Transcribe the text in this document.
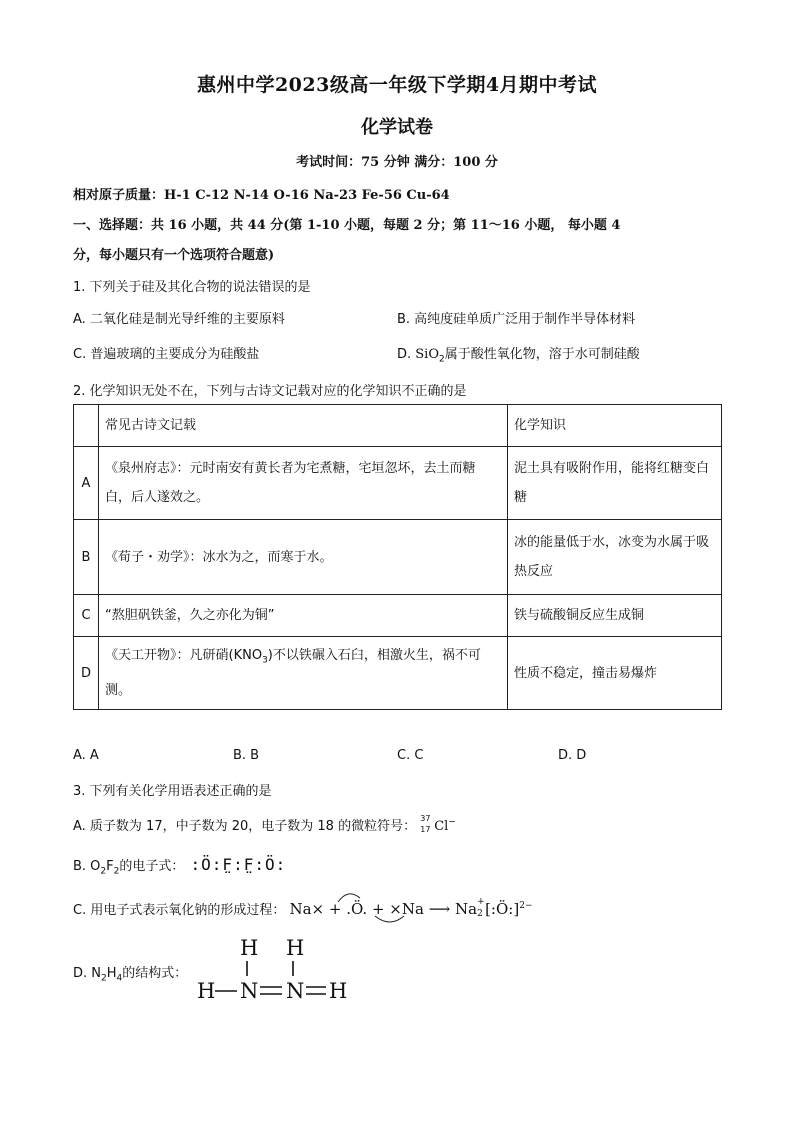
惠州中学2023级高一年级下学期4月期中考试
化学试卷
考试时间：75 分钟 满分：100 分
相对原子质量：H-1 C-12 N-14 O-16 Na-23 Fe-56 Cu-64
一、选择题：共 16 小题，共 44 分(第 1-10 小题，每题 2 分；第 11～16 小题， 每小题 4
分，每小题只有一个选项符合题意)
1. 下列关于硅及其化合物的说法错误的是
A. 二氧化硅是制光导纤维的主要原料	B. 高纯度硅单质广泛用于制作半导体材料
C. 普遍玻璃的主要成分为硅酸盐	D. SiO$_2$属于酸性氧化物，溶于水可制硅酸
2. 化学知识无处不在，下列与古诗文记载对应的化学知识不正确的是
	常见古诗文记载	化学知识
A	《泉州府志》：元时南安有黄长者为宅煮糖，宅垣忽坏，去土而糖白，后人遂效之。	泥土具有吸附作用，能将红糖变白糖
B	《荀子・劝学》：冰水为之，而寒于水。	冰的能量低于水，冰变为水属于吸热反应
C	“熬胆矾铁釜，久之亦化为铜”	铁与硫酸铜反应生成铜
D	《天工开物》：凡研硝$(KNO_3)$不以铁碾入石臼，相激火生，祸不可测。	性质不稳定，撞击易爆炸
A. A	B. B	C. C	D. D
3. 下列有关化学用语表述正确的是
A. 质子数为 17，中子数为 20，电子数为 18 的微粒符号：
37
17 Cl−
B. $O_2F_2$的电子式： :Ö:F̤:F̤:Ö:
C. 用电子式表示氧化钠的形成过程： Na× + .Ö. + ×Na ⟶ Na +
2 [:Ö:]$^{2-}$
D. $N_2H_4$的结构式：
H H
H N N H
